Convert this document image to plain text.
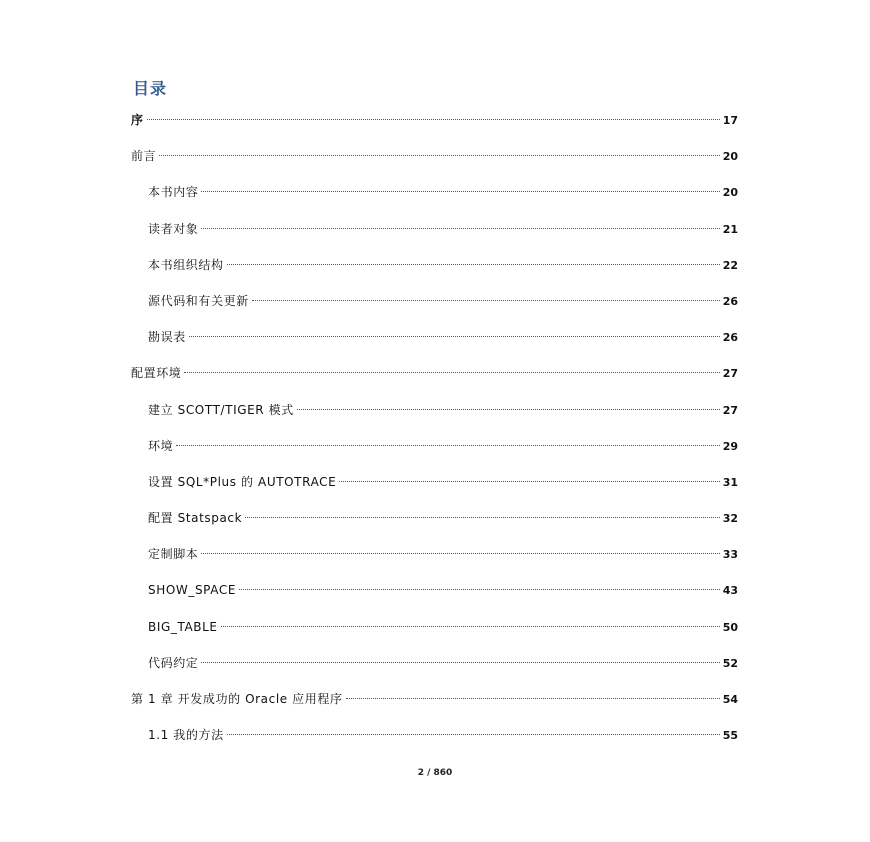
目录
序	17
前言	20
本书内容	20
读者对象	21
本书组织结构	22
源代码和有关更新	26
勘误表	26
配置环境	27
建立 SCOTT/TIGER 模式	27
环境	29
设置 SQL*Plus 的 AUTOTRACE	31
配置 Statspack	32
定制脚本	33
SHOW_SPACE	43
BIG_TABLE	50
代码约定	52
第 1 章 开发成功的 Oracle 应用程序	54
1.1 我的方法	55
2 / 860
